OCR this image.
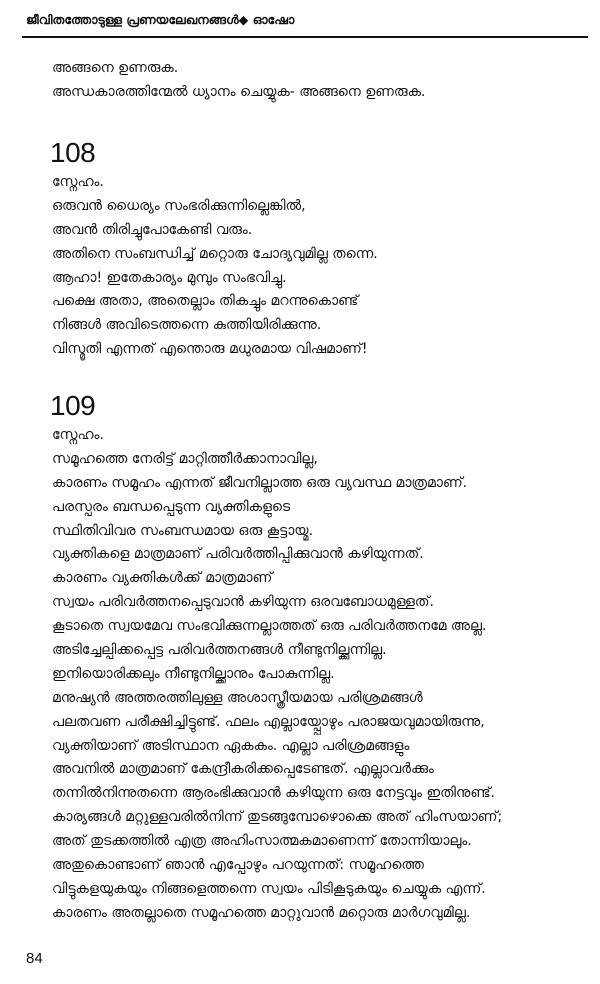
ജീവിതത്തോടുള്ള പ്രണയലേഖനങ്ങൾ◆ ഓഷോ
അങ്ങനെ ഉണരുക.
അന്ധകാരത്തിന്മേൽ ധ്യാനം ചെയ്യുക- അങ്ങനെ ഉണരുക.
108
സ്നേഹം.
ഒരുവൻ ധൈര്യം സംഭരിക്കുന്നില്ലെങ്കിൽ,
അവൻ തിരിച്ചുപോകേണ്ടി വരും.
അതിനെ സംബന്ധിച്ച് മറ്റൊരു ചോദ്യവുമില്ല തന്നെ.
ആഹാ! ഇതേകാര്യം മുമ്പും സംഭവിച്ചു.
പക്ഷെ അതാ, അതെല്ലാം തികച്ചും മറന്നുകൊണ്ട്
നിങ്ങൾ അവിടെത്തന്നെ കുത്തിയിരിക്കുന്നു.
വിസ്മൃതി എന്നത് എന്തൊരു മധുരമായ വിഷമാണ്!
109
സ്നേഹം.
സമൂഹത്തെ നേരിട്ട് മാറ്റിത്തീർക്കാനാവില്ല,
കാരണം സമൂഹം എന്നത് ജീവനില്ലാത്ത ഒരു വ്യവസ്ഥ മാത്രമാണ്.
പരസ്പരം ബന്ധപ്പെടുന്ന വ്യക്തികളുടെ
സ്ഥിതിവിവര സംബന്ധമായ ഒരു കൂട്ടായ്മ.
വ്യക്തികളെ മാത്രമാണ് പരിവർത്തിപ്പിക്കുവാൻ കഴിയുന്നത്.
കാരണം വ്യക്തികൾക്ക് മാത്രമാണ്
സ്വയം പരിവർത്തനപ്പെടുവാൻ കഴിയുന്ന ഒരവബോധമുള്ളത്.
കൂടാതെ സ്വയമേവ സംഭവിക്കുന്നല്ലാത്തത് ഒരു പരിവർത്തനമേ അല്ല.
അടിച്ചേല്പിക്കപ്പെട്ട പരിവർത്തനങ്ങൾ നീണ്ടുനില്ക്കുന്നില്ല.
ഇനിയൊരിക്കലും നീണ്ടുനില്ക്കാനും പോകുന്നില്ല.
മനുഷ്യൻ അത്തരത്തിലുള്ള അശാസ്ത്രീയമായ പരിശ്രമങ്ങൾ
പലതവണ പരീക്ഷിച്ചിട്ടുണ്ട്. ഫലം എല്ലായ്പ്പോഴും പരാജയവുമായിരുന്നു,
വ്യക്തിയാണ് അടിസ്ഥാന ഏകകം. എല്ലാ പരിശ്രമങ്ങളും
അവനിൽ മാത്രമാണ് കേന്ദ്രീകരിക്കപ്പെടേണ്ടത്. എല്ലാവർക്കും
തന്നിൽനിന്നുതന്നെ ആരംഭിക്കുവാൻ കഴിയുന്ന ഒരു നേട്ടവും ഇതിനുണ്ട്.
കാര്യങ്ങൾ മറ്റുള്ളവരിൽനിന്ന് തുടങ്ങുമ്പോഴൊക്കെ അത് ഹിംസയാണ്;
അത് തുടക്കത്തിൽ എത്ര അഹിംസാത്മകമാണെന്ന് തോന്നിയാലും.
അതുകൊണ്ടാണ് ഞാൻ എപ്പോഴും പറയുന്നത്: സമൂഹത്തെ
വിട്ടുകളയുകയും നിങ്ങളെത്തന്നെ സ്വയം പിടികൂടുകയും ചെയ്യുക എന്ന്.
കാരണം അതല്ലാതെ സമൂഹത്തെ മാറ്റുവാൻ മറ്റൊരു മാർഗവുമില്ല.
84
